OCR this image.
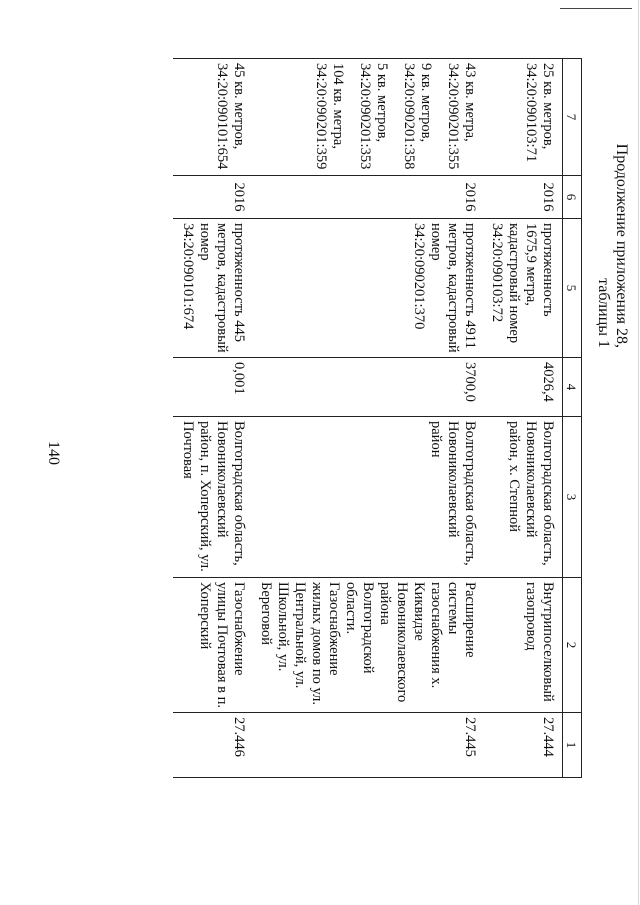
Продолжение приложения 28,
таблицы 1
140
7	6	5	4	3	2	1

25 кв. метров,
34:20:090103:71	2016	протяженность 1675,9 метра, кадастровый номер 34:20:090103:72	4026,4	Волгоградская область, Новониколаевский район, х. Степной	Внутрипоселковый газопровод	27.444

43 кв. метра, 34:20:090201:355
9 кв. метров, 34:20:090201:358
5 кв. метров, 34:20:090201:353
104 кв. метра, 34:20:090201:359	2016	протяженность 4911 метров, кадастровый номер 34:20:090201:370	3700,0	Волгоградская область, Новониколаевский район	Расширение системы газоснабжения х. Киквидзе Новониколаевского района Волгоградской области. Газоснабжение жилых домов по ул. Центральной, ул. Школьной, ул. Береговой	27.445

45 кв. метров,
34:20:090101:654	2016	протяженность 445 метров, кадастровый номер 34:20:090101:674	0,001	Волгоградская область, Новониколаевский район, п. Хоперский, ул. Почтовая	Газоснабжение улицы Почтовая в п. Хоперский	27.446
